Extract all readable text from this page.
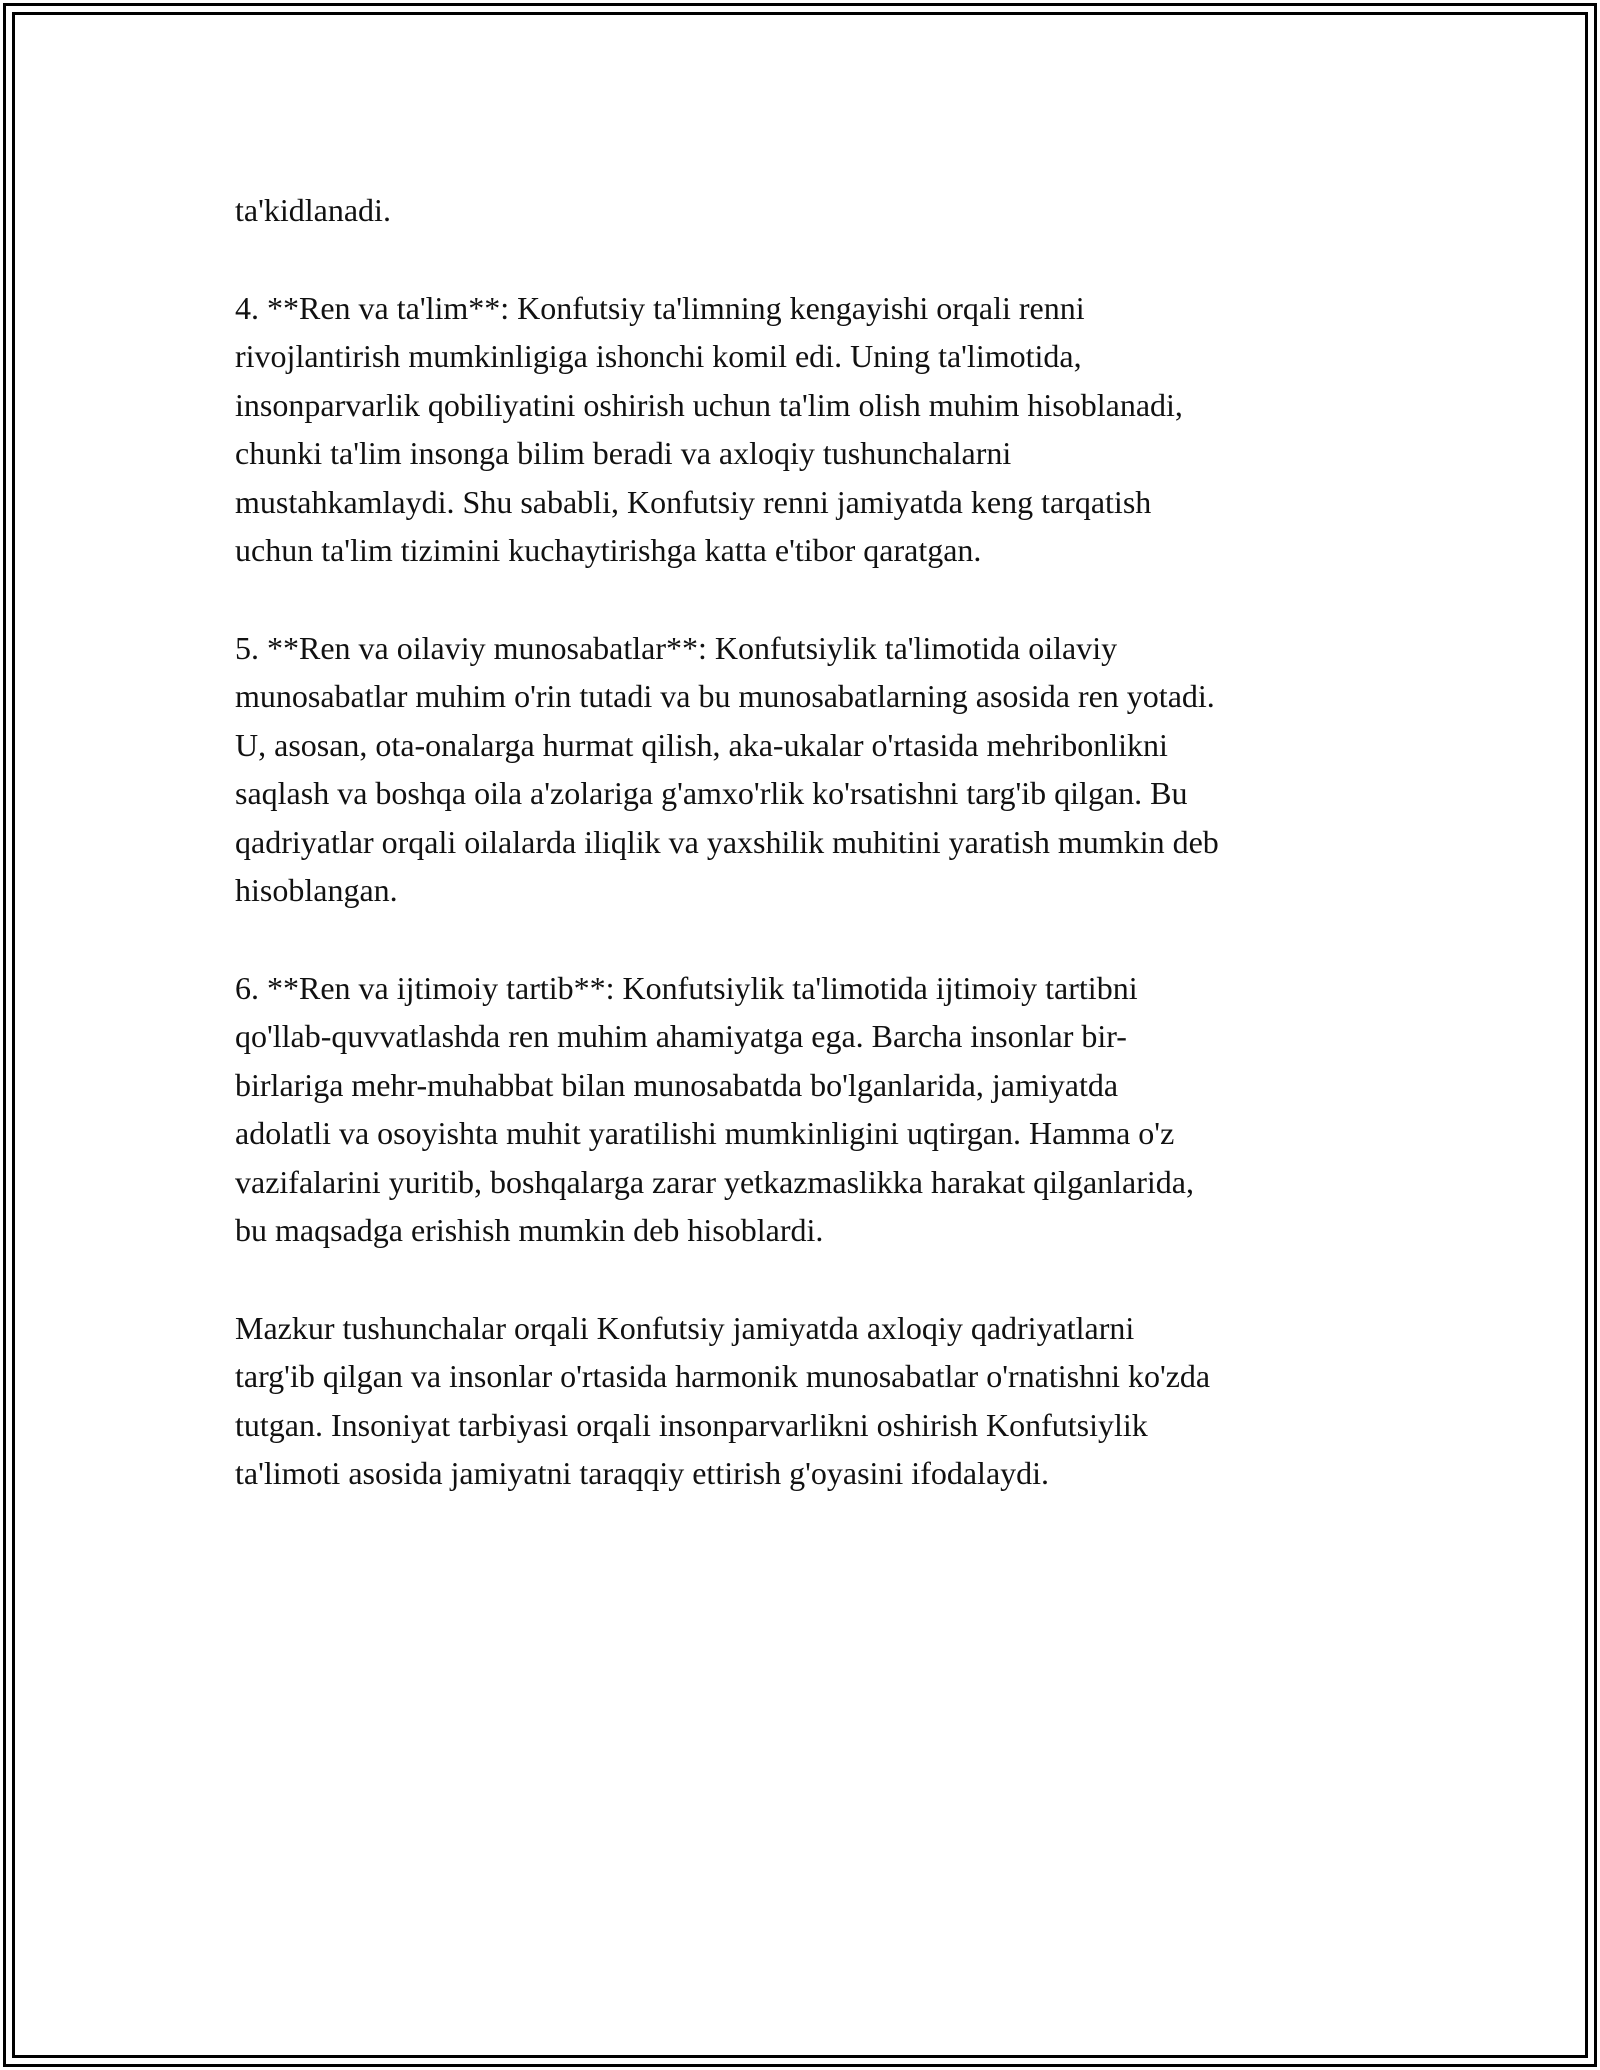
ta'kidlanadi.

4. **Ren va ta'lim**: Konfutsiy ta'limning kengayishi orqali renni
rivojlantirish mumkinligiga ishonchi komil edi. Uning ta'limotida,
insonparvarlik qobiliyatini oshirish uchun ta'lim olish muhim hisoblanadi,
chunki ta'lim insonga bilim beradi va axloqiy tushunchalarni
mustahkamlaydi. Shu sababli, Konfutsiy renni jamiyatda keng tarqatish
uchun ta'lim tizimini kuchaytirishga katta e'tibor qaratgan.

5. **Ren va oilaviy munosabatlar**: Konfutsiylik ta'limotida oilaviy
munosabatlar muhim o'rin tutadi va bu munosabatlarning asosida ren yotadi.
U, asosan, ota-onalarga hurmat qilish, aka-ukalar o'rtasida mehribonlikni
saqlash va boshqa oila a'zolariga g'amxo'rlik ko'rsatishni targ'ib qilgan. Bu
qadriyatlar orqali oilalarda iliqlik va yaxshilik muhitini yaratish mumkin deb
hisoblangan.

6. **Ren va ijtimoiy tartib**: Konfutsiylik ta'limotida ijtimoiy tartibni
qo'llab-quvvatlashda ren muhim ahamiyatga ega. Barcha insonlar bir-
birlariga mehr-muhabbat bilan munosabatda bo'lganlarida, jamiyatda
adolatli va osoyishta muhit yaratilishi mumkinligini uqtirgan. Hamma o'z
vazifalarini yuritib, boshqalarga zarar yetkazmaslikka harakat qilganlarida,
bu maqsadga erishish mumkin deb hisoblardi.

Mazkur tushunchalar orqali Konfutsiy jamiyatda axloqiy qadriyatlarni
targ'ib qilgan va insonlar o'rtasida harmonik munosabatlar o'rnatishni ko'zda
tutgan. Insoniyat tarbiyasi orqali insonparvarlikni oshirish Konfutsiylik
ta'limoti asosida jamiyatni taraqqiy ettirish g'oyasini ifodalaydi.
